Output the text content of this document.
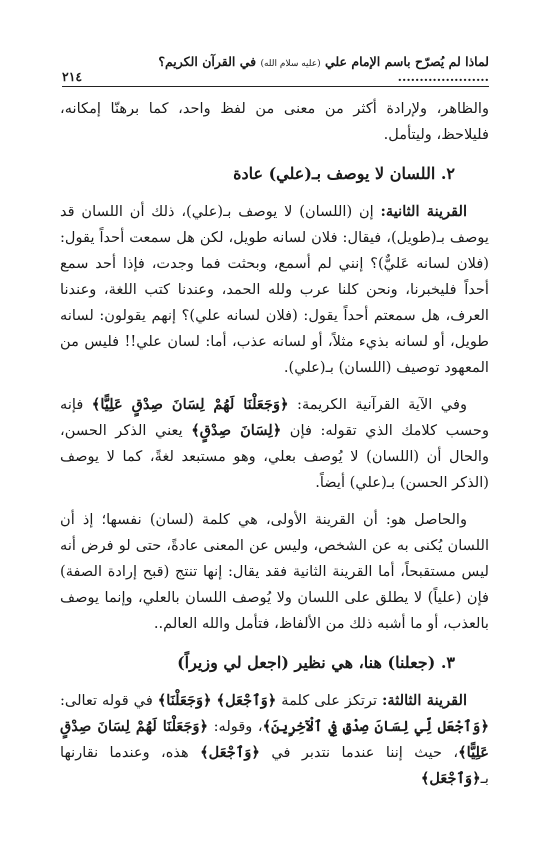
لماذا لم يُصرّح باسم الإمام علي (عليه سلام الله) في القرآن الكريم؟ .....................
٢١٤

والظاهر، ولإرادة أكثر من معنى من لفظ واحد، كما برهنّا إمكانه، فليلاحظ، وليتأمل.

٢. اللسان لا يوصف بـ(علي) عادة

القرينة الثانية: إن (اللسان) لا يوصف بـ(علي)، ذلك أن اللسان قد يوصف بـ(طويل)، فيقال: فلان لسانه طويل، لكن هل سمعت أحداً يقول: (فلان لسانه عَليٌّ)؟ إنني لم أسمع، وبحثت فما وجدت، فإذا أحد سمع أحداً فليخبرنا، ونحن كلنا عرب ولله الحمد، وعندنا كتب اللغة، وعندنا العرف، هل سمعتم أحداً يقول: (فلان لسانه علي)؟ إنهم يقولون: لسانه طويل، أو لسانه بذيء مثلاً، أو لسانه عذب، أما: لسان علي!! فليس من المعهود توصيف (اللسان) بـ(علي).

وفي الآية القرآنية الكريمة: ﴿وَجَعَلْنَا لَهُمْ لِسَانَ صِدْقٍ عَلِيًّا﴾ فإنه وحسب كلامك الذي تقوله: فإن ﴿لِسَانَ صِدْقٍ﴾ يعني الذكر الحسن، والحال أن (اللسان) لا يُوصف بعلي، وهو مستبعد لغةً، كما لا يوصف (الذكر الحسن) بـ(علي) أيضاً.

والحاصل هو: أن القرينة الأولى، هي كلمة (لسان) نفسها؛ إذ أن اللسان يُكنى به عن الشخص، وليس عن المعنى عادةً، حتى لو فرض أنه ليس مستقبحاً، أما القرينة الثانية فقد يقال: إنها تنتج (قبح إرادة الصفة) فإن (علياً) لا يطلق على اللسان ولا يُوصف اللسان بالعلي، وإنما يوصف بالعذب، أو ما أشبه ذلك من الألفاظ، فتأمل والله العالم..

٣. (جعلنا) هنا، هي نظير (اجعل لي وزيراً)

القرينة الثالثة: ترتكز على كلمة ﴿وَٱجْعَل﴾ ﴿وَجَعَلْنَا﴾ في قوله تعالى: ﴿وَٱجْعَل لِّي لِسَانَ صِدْقٍ فِي ٱلْآخِرِينَ﴾، وقوله: ﴿وَجَعَلْنَا لَهُمْ لِسَانَ صِدْقٍ عَلِيًّا﴾، حيث إننا عندما نتدبر في ﴿وَٱجْعَل﴾ هذه، وعندما نقارنها بـ﴿وَٱجْعَل﴾
